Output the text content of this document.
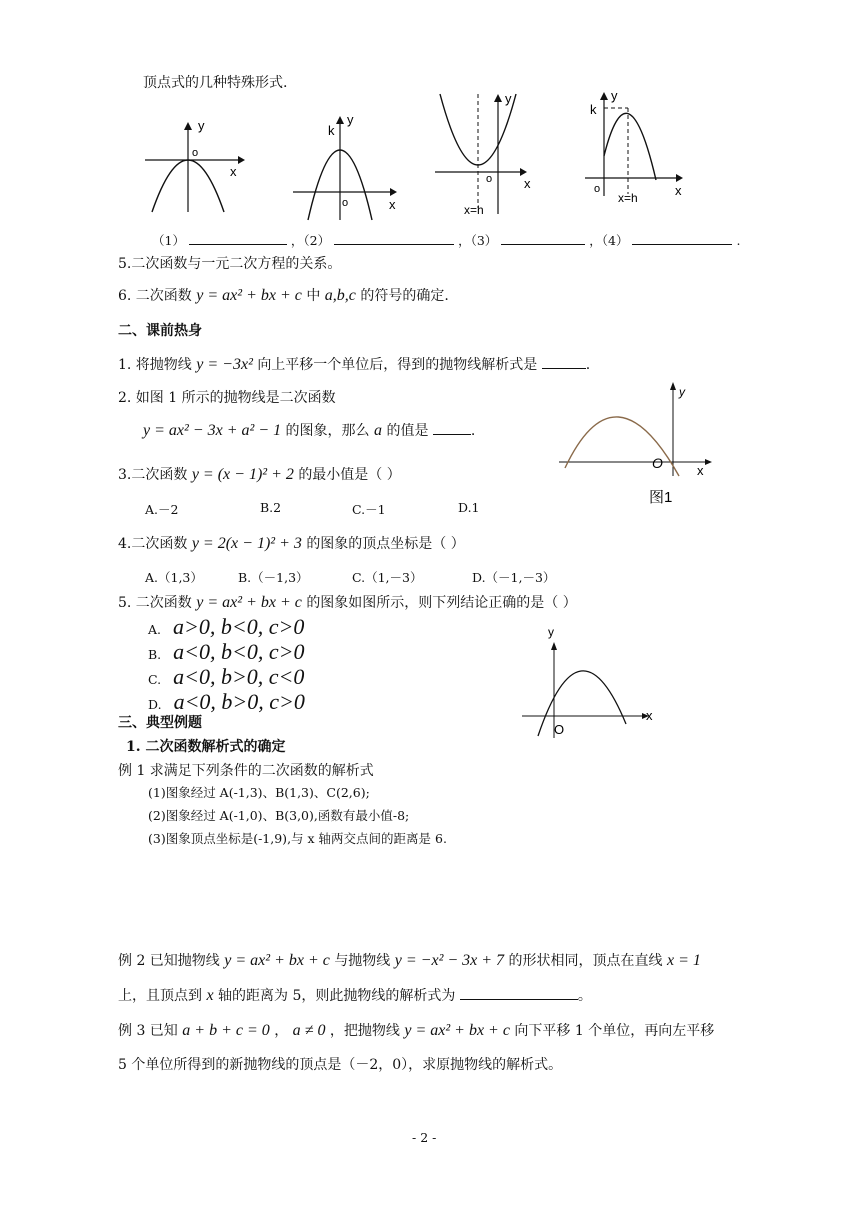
顶点式的几种特殊形式.
y
o
x
y
k
o	x
y
o x
x=h
y
k
o	x
x=h
（1）	，（2）	，（3）	，（4）	.
5.二次函数与一元二次方程的关系。
6. 二次函数 y = ax² + bx + c 中 a,b,c 的符号的确定.
二、课前热身
1. 将抛物线 y = −3x² 向上平移一个单位后，得到的抛物线解析式是	.
2. 如图 1 所示的抛物线是二次函数
y = ax² − 3x + a² − 1 的图象，那么 a 的值是	.
y
O	x
图1
3.二次函数 y = (x − 1)² + 2 的最小值是（ ）
A.－2	B.2	C.－1	D.1
4.二次函数 y = 2(x − 1)² + 3 的图象的顶点坐标是（ ）
A.（1,3）	B.（－1,3）	C.（1,－3）	D.（－1,－3）
5. 二次函数 y = ax² + bx + c 的图象如图所示，则下列结论正确的是（ ）
A. a>0, b<0, c>0
B. a<0, b<0, c>0
C. a<0, b>0, c<0
D. a<0, b>0, c>0
y
O
x
三、典型例题
1. 二次函数解析式的确定
例 1 求满足下列条件的二次函数的解析式
(1)图象经过 A(-1,3)、B(1,3)、C(2,6);
(2)图象经过 A(-1,0)、B(3,0),函数有最小值-8;
(3)图象顶点坐标是(-1,9),与 x 轴两交点间的距离是 6.
例 2 已知抛物线 y = ax² + bx + c 与抛物线 y = −x² − 3x + 7 的形状相同，顶点在直线 x = 1
上，且顶点到 x 轴的距离为 5，则此抛物线的解析式为	。
例 3 已知 a + b + c = 0 ， a ≠ 0 ，把抛物线 y = ax² + bx + c 向下平移 1 个单位，再向左平移
5 个单位所得到的新抛物线的顶点是（－2，0），求原抛物线的解析式。
- 2 -
